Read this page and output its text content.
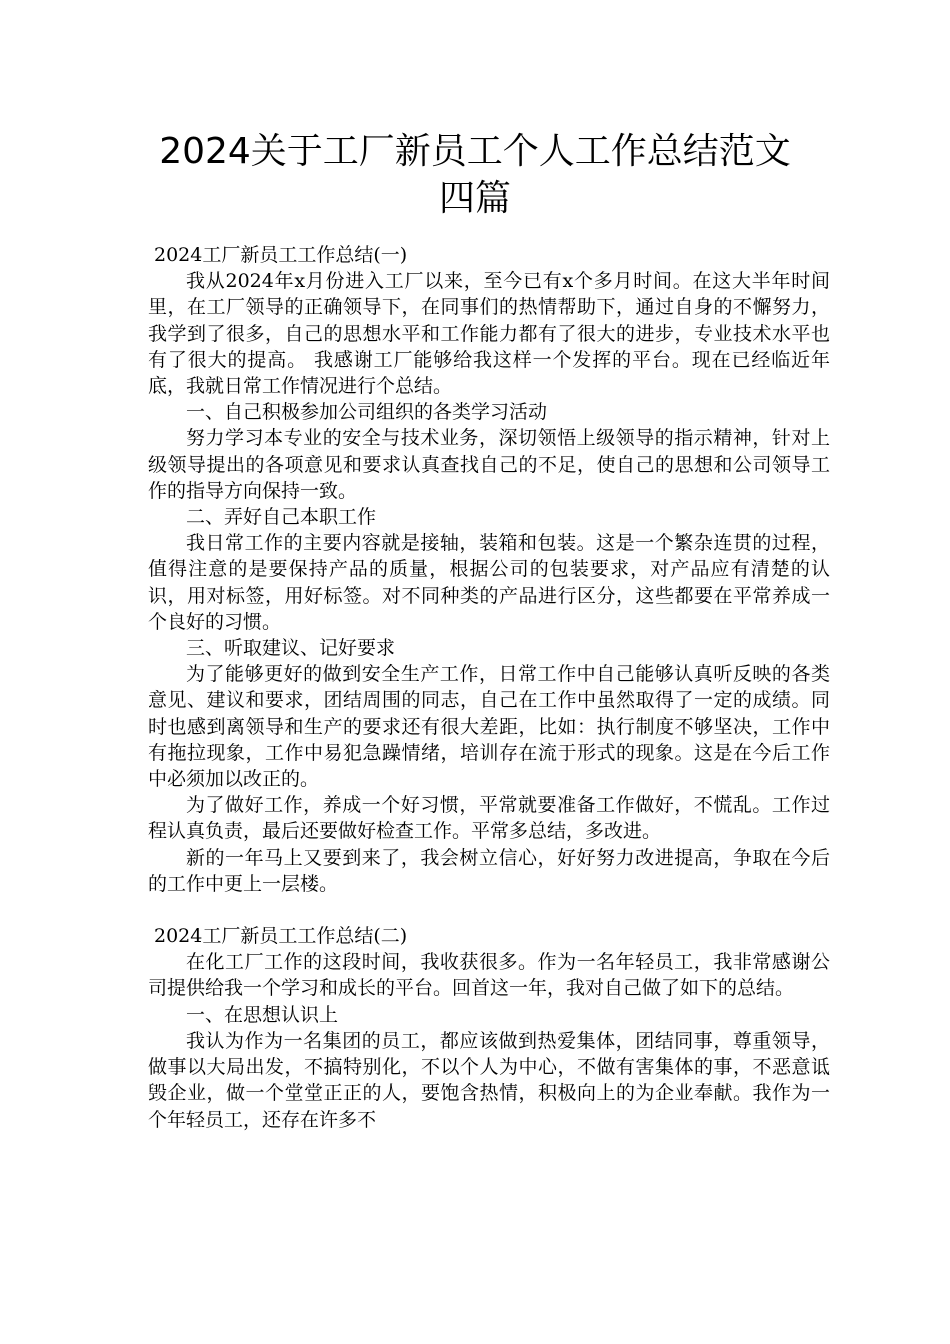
2024关于工厂新员工个人工作总结范文
四篇

2024工厂新员工工作总结(一)

我从2024年x月份进入工厂以来，至今已有x个多月时间。在这大半年时间里，在工厂领导的正确领导下，在同事们的热情帮助下，通过自身的不懈努力，我学到了很多，自己的思想水平和工作能力都有了很大的进步，专业技术水平也有了很大的提高。 我感谢工厂能够给我这样一个发挥的平台。现在已经临近年底，我就日常工作情况进行个总结。

一、自己积极参加公司组织的各类学习活动

努力学习本专业的安全与技术业务，深切领悟上级领导的指示精神，针对上级领导提出的各项意见和要求认真查找自己的不足，使自己的思想和公司领导工作的指导方向保持一致。

二、弄好自己本职工作

我日常工作的主要内容就是接轴，装箱和包装。这是一个繁杂连贯的过程，值得注意的是要保持产品的质量，根据公司的包装要求，对产品应有清楚的认识，用对标签，用好标签。对不同种类的产品进行区分，这些都要在平常养成一个良好的习惯。

三、听取建议、记好要求

为了能够更好的做到安全生产工作，日常工作中自己能够认真听反映的各类意见、建议和要求，团结周围的同志，自己在工作中虽然取得了一定的成绩。同时也感到离领导和生产的要求还有很大差距，比如：执行制度不够坚决，工作中有拖拉现象，工作中易犯急躁情绪，培训存在流于形式的现象。这是在今后工作中必须加以改正的。

为了做好工作，养成一个好习惯，平常就要准备工作做好，不慌乱。工作过程认真负责，最后还要做好检查工作。平常多总结，多改进。

新的一年马上又要到来了，我会树立信心，好好努力改进提高，争取在今后的工作中更上一层楼。

2024工厂新员工工作总结(二)

在化工厂工作的这段时间，我收获很多。作为一名年轻员工，我非常感谢公司提供给我一个学习和成长的平台。回首这一年，我对自己做了如下的总结。

一、在思想认识上

我认为作为一名集团的员工，都应该做到热爱集体，团结同事，尊重领导，做事以大局出发，不搞特别化，不以个人为中心，不做有害集体的事，不恶意诋毁企业，做一个堂堂正正的人，要饱含热情，积极向上的为企业奉献。我作为一个年轻员工，还存在许多不
